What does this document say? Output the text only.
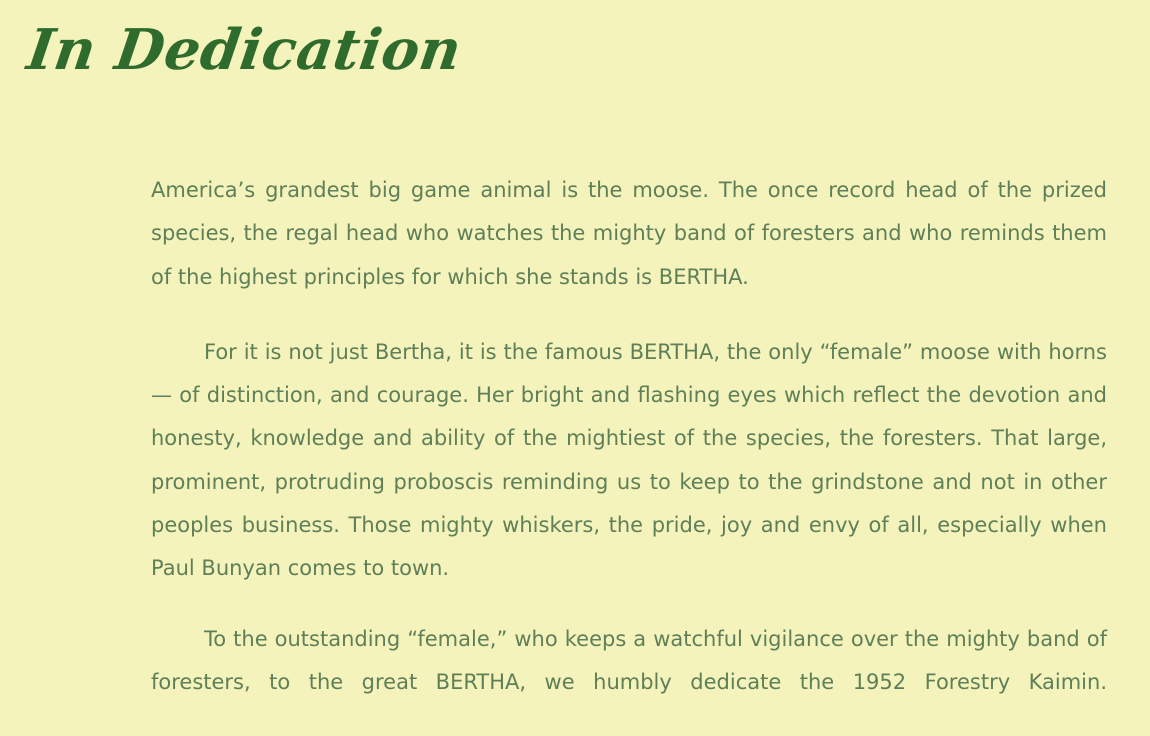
In Dedication

America’s grandest big game animal is the moose. The once record head of the prized species, the regal head who watches the mighty band of foresters and who reminds them of the highest principles for which she stands is BERTHA.

For it is not just Bertha, it is the famous BERTHA, the only “female” moose with horns — of distinction, and courage. Her bright and flashing eyes which reflect the devotion and honesty, knowledge and ability of the mightiest of the species, the foresters. That large, prominent, protruding proboscis reminding us to keep to the grindstone and not in other peoples business. Those mighty whiskers, the pride, joy and envy of all, especially when Paul Bunyan comes to town.

To the outstanding “female,” who keeps a watchful vigilance over the mighty band of foresters, to the great BERTHA, we humbly dedicate the 1952 Forestry Kaimin.
